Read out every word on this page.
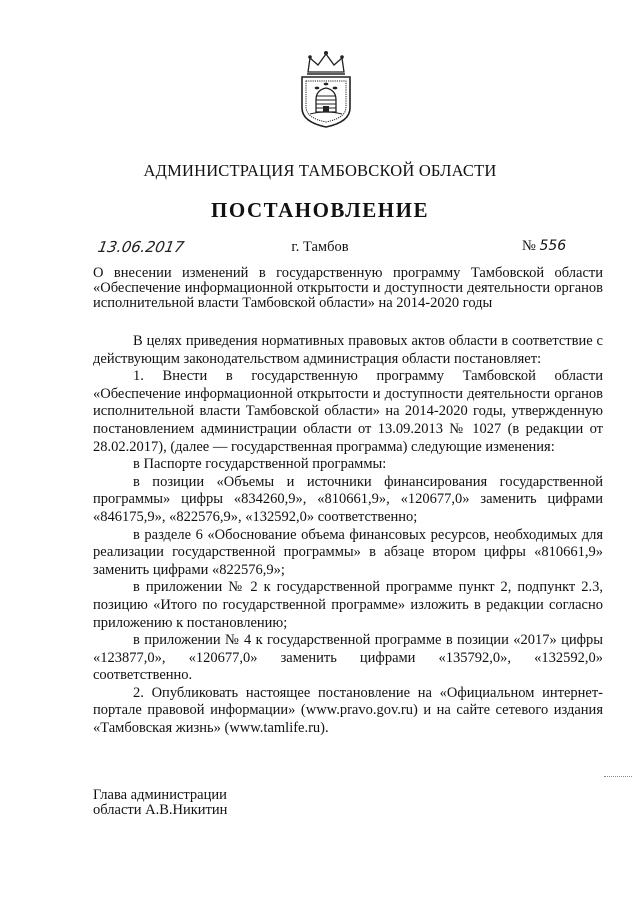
АДМИНИСТРАЦИЯ ТАМБОВСКОЙ ОБЛАСТИ
ПОСТАНОВЛЕНИЕ
13.06.2017	г. Тамбов	№ 556
О внесении изменений в государственную программу Тамбовской области «Обеспечение информационной открытости и доступности деятельности органов исполнительной власти Тамбовской области» на 2014-2020 годы

В целях приведения нормативных правовых актов области в соответствие с действующим законодательством администрация области постановляет:

1. Внести в государственную программу Тамбовской области «Обеспечение информационной открытости и доступности деятельности органов исполнительной власти Тамбовской области» на 2014-2020 годы, утвержденную постановлением администрации области от 13.09.2013 № 1027 (в редакции от 28.02.2017), (далее — государственная программа) следующие изменения:

в Паспорте государственной программы:

в позиции «Объемы и источники финансирования государственной программы» цифры «834260,9», «810661,9», «120677,0» заменить цифрами «846175,9», «822576,9», «132592,0» соответственно;

в разделе 6 «Обоснование объема финансовых ресурсов, необходимых для реализации государственной программы» в абзаце втором цифры «810661,9» заменить цифрами «822576,9»;

в приложении № 2 к государственной программе пункт 2, подпункт 2.3, позицию «Итого по государственной программе» изложить в редакции согласно приложению к постановлению;

в приложении № 4 к государственной программе в позиции «2017» цифры «123877,0», «120677,0» заменить цифрами «135792,0», «132592,0» соответственно.

2. Опубликовать настоящее постановление на «Официальном интернет-портале правовой информации» (www.pravo.gov.ru) и на сайте сетевого издания «Тамбовская жизнь» (www.tamlife.ru).

Глава администрации
области А.В.Никитин
